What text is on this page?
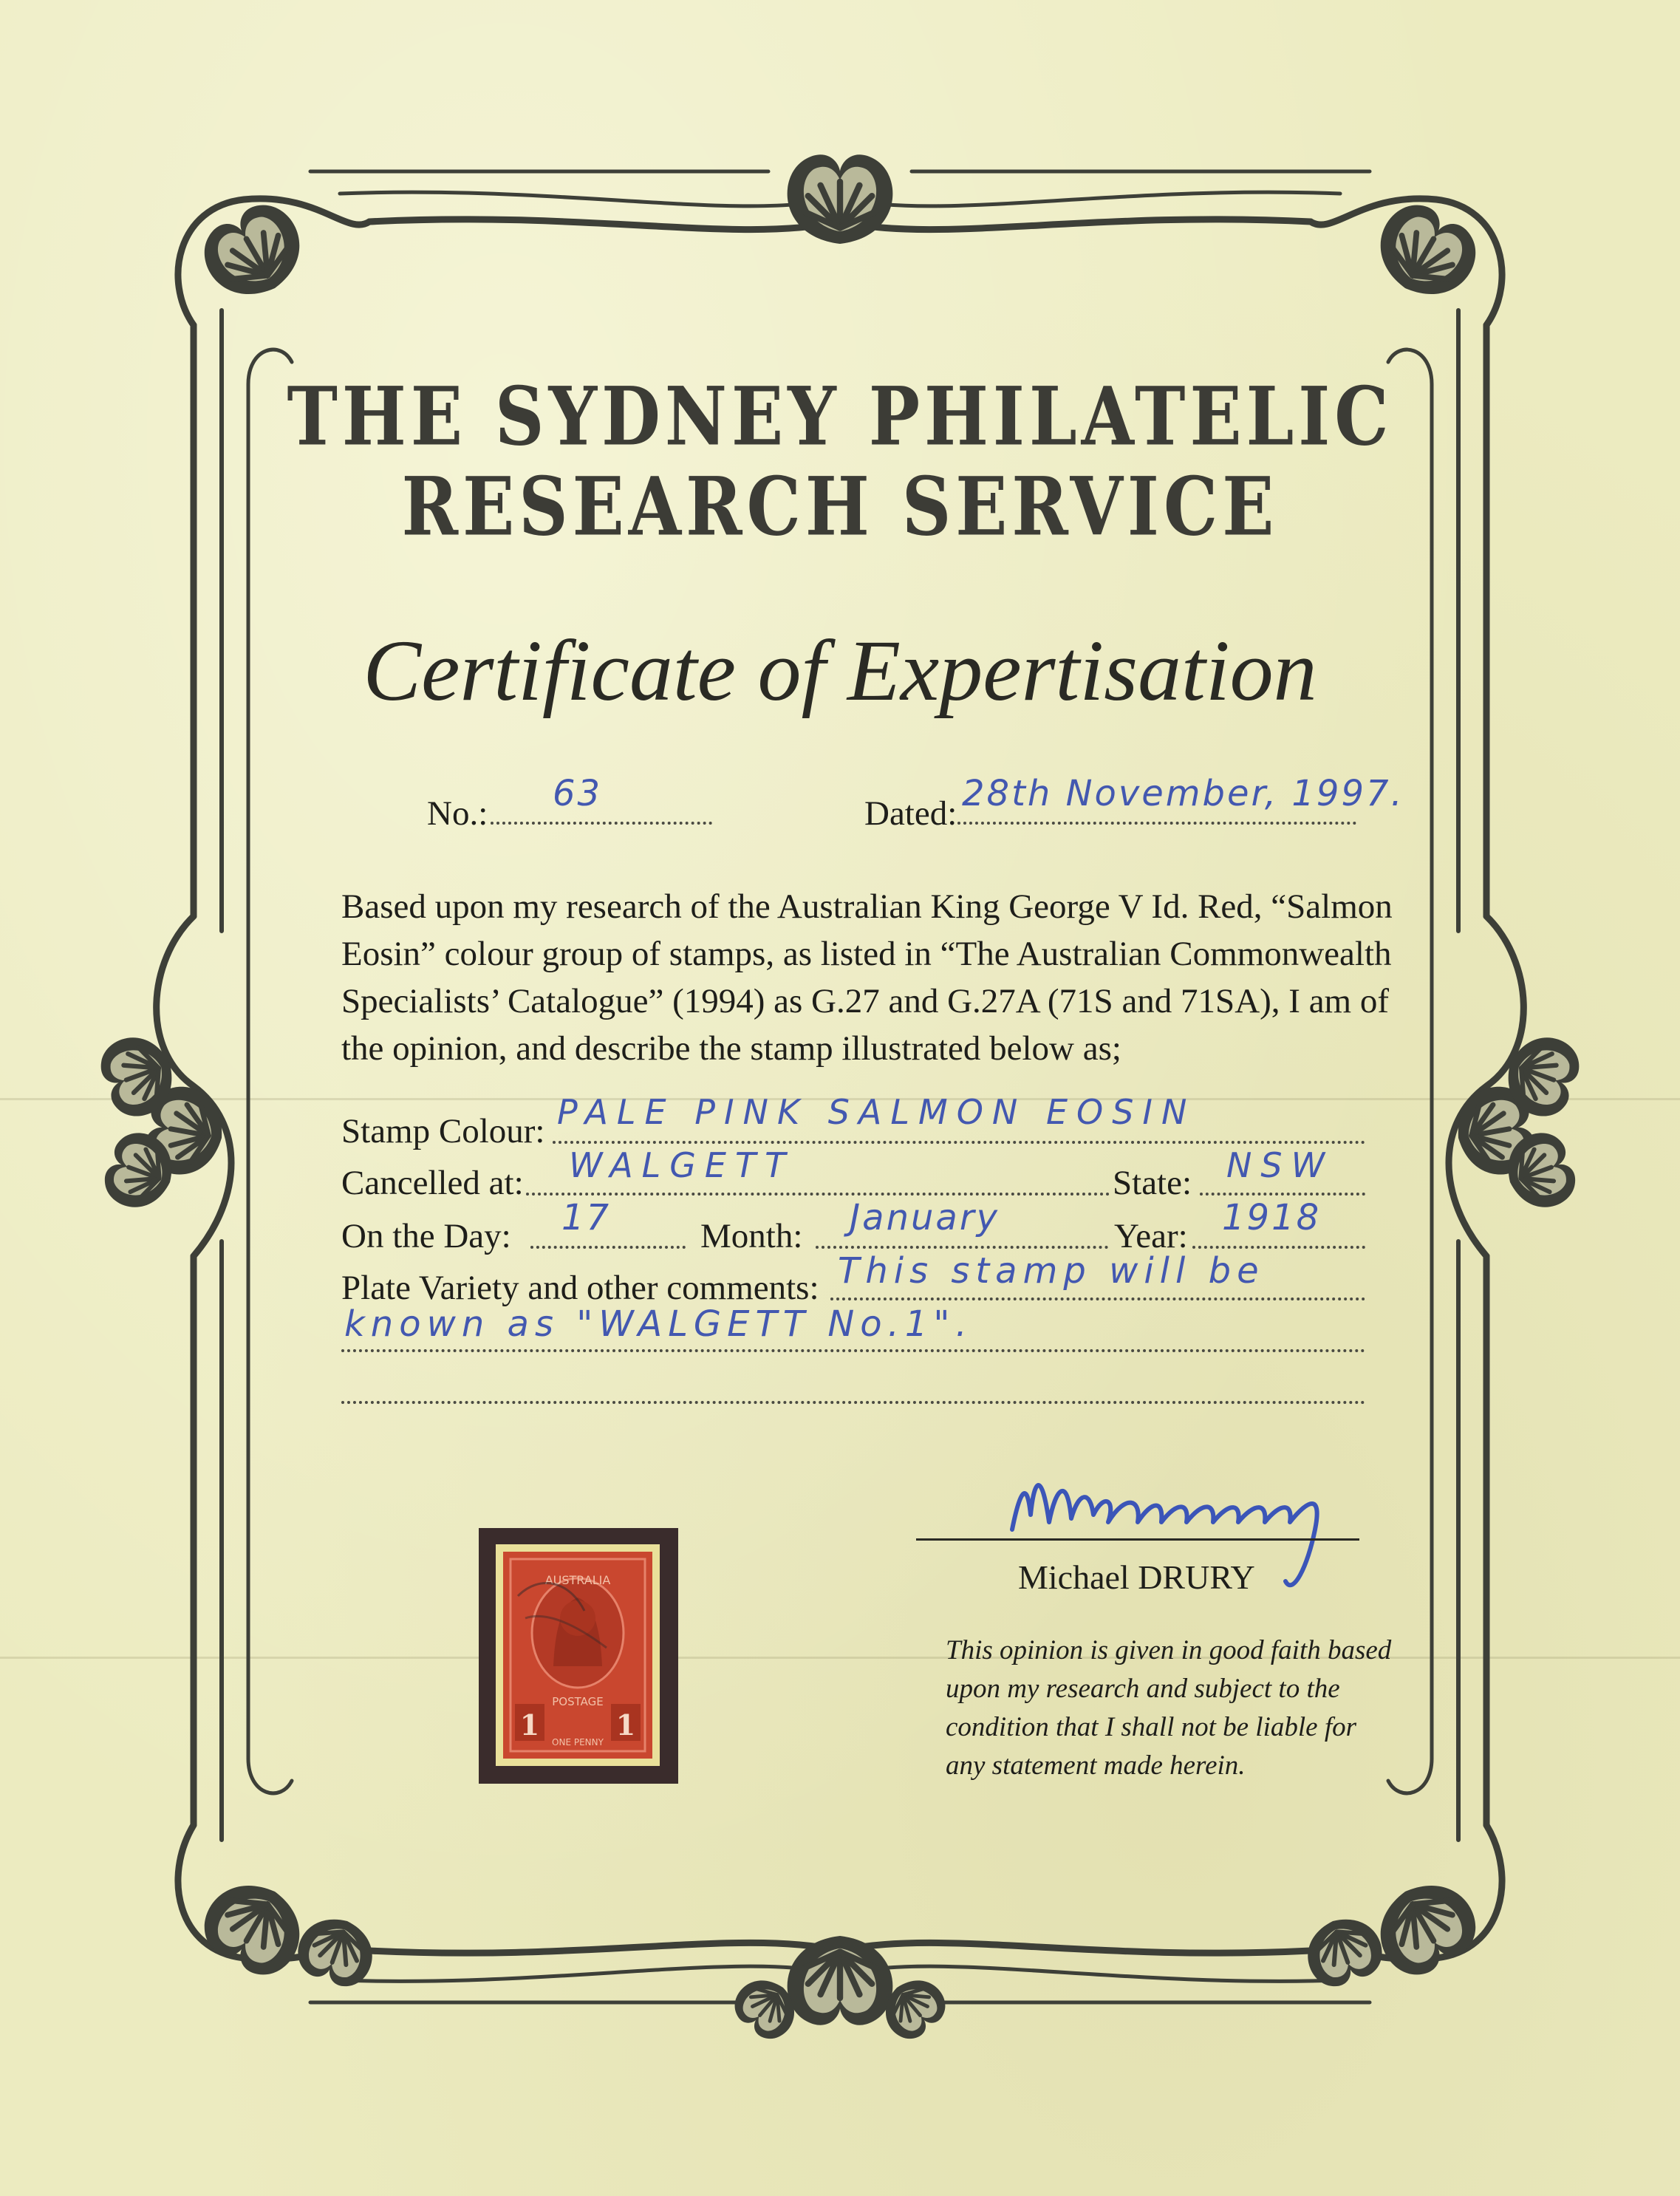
THE SYDNEY PHILATELIC
RESEARCH SERVICE
Certificate of Expertisation
No.: 63	Dated: 28th November, 1997.
Based upon my research of the Australian King George V Id. Red, “Salmon
Eosin” colour group of stamps, as listed in “The Australian Commonwealth
Specialists’ Catalogue” (1994) as G.27 and G.27A (71S and 71SA), I am of
the opinion, and describe the stamp illustrated below as;
Stamp Colour: PALE PINK SALMON EOSIN
Cancelled at: WALGETT	State: NSW
On the Day: 17	Month: January	Year: 1918
Plate Variety and other comments: This stamp will be
known as "WALGETT No.1".
Michael DRURY
This opinion is given in good faith based
upon my research and subject to the
condition that I shall not be liable for
any statement made herein.
AUSTRALIA
POSTAGE
1	1
ONE PENNY
